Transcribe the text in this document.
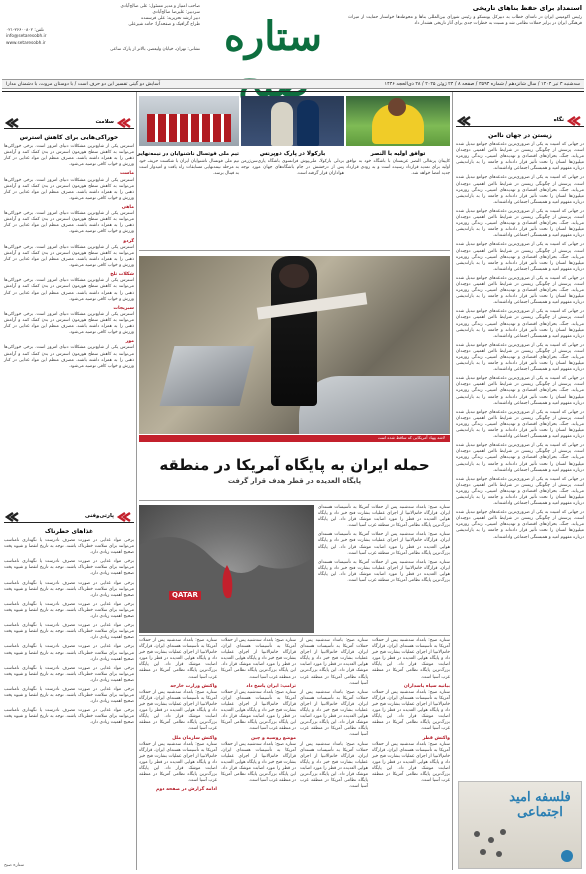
استمداد برای حفظ بناهای تاریخی
رئیس اکومیس ایران در نامه‌ای خطاب به دبیرکل یونسکو و رئیس شورای بین‌المللی بناها و محوطه‌ها خواستار حمایت از میراث فرهنگی ایران در برابر حملات نظامی شد و نسبت به خطرات جدی برای آثار تاریخی هشدار داد
ستاره
صاحب امتیاز و مدیر مسئول: علی صالح‌آبادی
سردبیر: علیرضا صالح‌آبادی
دبیر ارشد تحریریه: علی فرستنده
طراح گرافیک و صفحه‌آرا: حامد شیرعلی
تلفن: ۲۶۶۰۰۸۰۲-۰۲۱
info@setaresobh.ir
www.setaresobh.ir
نشانی: تهران، خیابان ولیعصر، بالاتر از پارک ساعی
سه‌شنبه ۳ تیر ۱۴۰۴ / سال شانزدهم / شماره ۳۵۹۳ / صفحه ۸ / ۲۴ ژوئن ۲۰۲۵ / ۲۸ ذی‌الحجه ۱۴۴۶
آسایش دو گیتی تفسیر این دو حرف است / با دوستان مروت، با دشمنان مدارا
نگاه
زیستن در جهان ناامن
در جهانی که امنیت به یکی از ضروری‌ترین دغدغه‌های جوامع تبدیل شده است، پرسش از چگونگی زیستن در شرایط ناامن اهمیتی دوچندان می‌یابد. جنگ، بحران‌های اقتصادی و تهدیدهای امنیتی، زندگی روزمره میلیون‌ها انسان را تحت تأثیر قرار داده‌اند و جامعه را به بازاندیشی درباره مفهوم امید و همبستگی اجتماعی واداشته‌اند.
در جهانی که امنیت به یکی از ضروری‌ترین دغدغه‌های جوامع تبدیل شده است، پرسش از چگونگی زیستن در شرایط ناامن اهمیتی دوچندان می‌یابد. جنگ، بحران‌های اقتصادی و تهدیدهای امنیتی، زندگی روزمره میلیون‌ها انسان را تحت تأثیر قرار داده‌اند و جامعه را به بازاندیشی درباره مفهوم امید و همبستگی اجتماعی واداشته‌اند.
در جهانی که امنیت به یکی از ضروری‌ترین دغدغه‌های جوامع تبدیل شده است، پرسش از چگونگی زیستن در شرایط ناامن اهمیتی دوچندان می‌یابد. جنگ، بحران‌های اقتصادی و تهدیدهای امنیتی، زندگی روزمره میلیون‌ها انسان را تحت تأثیر قرار داده‌اند و جامعه را به بازاندیشی درباره مفهوم امید و همبستگی اجتماعی واداشته‌اند.
در جهانی که امنیت به یکی از ضروری‌ترین دغدغه‌های جوامع تبدیل شده است، پرسش از چگونگی زیستن در شرایط ناامن اهمیتی دوچندان می‌یابد. جنگ، بحران‌های اقتصادی و تهدیدهای امنیتی، زندگی روزمره میلیون‌ها انسان را تحت تأثیر قرار داده‌اند و جامعه را به بازاندیشی درباره مفهوم امید و همبستگی اجتماعی واداشته‌اند.
در جهانی که امنیت به یکی از ضروری‌ترین دغدغه‌های جوامع تبدیل شده است، پرسش از چگونگی زیستن در شرایط ناامن اهمیتی دوچندان می‌یابد. جنگ، بحران‌های اقتصادی و تهدیدهای امنیتی، زندگی روزمره میلیون‌ها انسان را تحت تأثیر قرار داده‌اند و جامعه را به بازاندیشی درباره مفهوم امید و همبستگی اجتماعی واداشته‌اند.
در جهانی که امنیت به یکی از ضروری‌ترین دغدغه‌های جوامع تبدیل شده است، پرسش از چگونگی زیستن در شرایط ناامن اهمیتی دوچندان می‌یابد. جنگ، بحران‌های اقتصادی و تهدیدهای امنیتی، زندگی روزمره میلیون‌ها انسان را تحت تأثیر قرار داده‌اند و جامعه را به بازاندیشی درباره مفهوم امید و همبستگی اجتماعی واداشته‌اند.
در جهانی که امنیت به یکی از ضروری‌ترین دغدغه‌های جوامع تبدیل شده است، پرسش از چگونگی زیستن در شرایط ناامن اهمیتی دوچندان می‌یابد. جنگ، بحران‌های اقتصادی و تهدیدهای امنیتی، زندگی روزمره میلیون‌ها انسان را تحت تأثیر قرار داده‌اند و جامعه را به بازاندیشی درباره مفهوم امید و همبستگی اجتماعی واداشته‌اند.
در جهانی که امنیت به یکی از ضروری‌ترین دغدغه‌های جوامع تبدیل شده است، پرسش از چگونگی زیستن در شرایط ناامن اهمیتی دوچندان می‌یابد. جنگ، بحران‌های اقتصادی و تهدیدهای امنیتی، زندگی روزمره میلیون‌ها انسان را تحت تأثیر قرار داده‌اند و جامعه را به بازاندیشی درباره مفهوم امید و همبستگی اجتماعی واداشته‌اند.
در جهانی که امنیت به یکی از ضروری‌ترین دغدغه‌های جوامع تبدیل شده است، پرسش از چگونگی زیستن در شرایط ناامن اهمیتی دوچندان می‌یابد. جنگ، بحران‌های اقتصادی و تهدیدهای امنیتی، زندگی روزمره میلیون‌ها انسان را تحت تأثیر قرار داده‌اند و جامعه را به بازاندیشی درباره مفهوم امید و همبستگی اجتماعی واداشته‌اند.
در جهانی که امنیت به یکی از ضروری‌ترین دغدغه‌های جوامع تبدیل شده است، پرسش از چگونگی زیستن در شرایط ناامن اهمیتی دوچندان می‌یابد. جنگ، بحران‌های اقتصادی و تهدیدهای امنیتی، زندگی روزمره میلیون‌ها انسان را تحت تأثیر قرار داده‌اند و جامعه را به بازاندیشی درباره مفهوم امید و همبستگی اجتماعی واداشته‌اند.
در جهانی که امنیت به یکی از ضروری‌ترین دغدغه‌های جوامع تبدیل شده است، پرسش از چگونگی زیستن در شرایط ناامن اهمیتی دوچندان می‌یابد. جنگ، بحران‌های اقتصادی و تهدیدهای امنیتی، زندگی روزمره میلیون‌ها انسان را تحت تأثیر قرار داده‌اند و جامعه را به بازاندیشی درباره مفهوم امید و همبستگی اجتماعی واداشته‌اند.
در جهانی که امنیت به یکی از ضروری‌ترین دغدغه‌های جوامع تبدیل شده است، پرسش از چگونگی زیستن در شرایط ناامن اهمیتی دوچندان می‌یابد. جنگ، بحران‌های اقتصادی و تهدیدهای امنیتی، زندگی روزمره میلیون‌ها انسان را تحت تأثیر قرار داده‌اند و جامعه را به بازاندیشی درباره مفهوم امید و همبستگی اجتماعی واداشته‌اند.
فلسفه امید اجتماعی
توافق اولیه با النصر
کاپیتان پرتغالی النصر عربستان با باشگاه خود به توافق اولیه برای تمدید قرارداد رسیده است و به زودی قرارداد جدید امضا خواهد شد.
بارکولا در پارک دوپرنس
بردلی بارکولا، ملی‌پوش فرانسوی باشگاه پاری‌سن‌ژرمن پس از درخشش در جام باشگاه‌های جهان مورد توجه هواداران قرار گرفته است.
تیم ملی فوتسال ناشنوایان در نیمه‌نهایی
تیم ملی فوتسال ناشنوایان ایران با شکست حریف خود به مرحله نیمه‌نهایی مسابقات راه یافت و امیدوار است به فینال برسد.
لاشه پهپاد آمریکایی که ساقط شده است
حمله ایران به پایگاه آمریکا در منطقه
پایگاه العدیده در قطر هدف قرار گرفت
QATAR
ستاره صبح: بامداد سه‌شنبه پس از حملات آمریکا به تأسیسات هسته‌ای ایران، قرارگاه خاتم‌الانبیا از اجرای عملیات بشارت فتح خبر داد و پایگاه هوایی العدیده در قطر را مورد اصابت موشک قرار داد. این پایگاه بزرگ‌ترین پایگاه نظامی آمریکا در منطقه غرب آسیا است.
ستاره صبح: بامداد سه‌شنبه پس از حملات آمریکا به تأسیسات هسته‌ای ایران، قرارگاه خاتم‌الانبیا از اجرای عملیات بشارت فتح خبر داد و پایگاه هوایی العدیده در قطر را مورد اصابت موشک قرار داد. این پایگاه بزرگ‌ترین پایگاه نظامی آمریکا در منطقه غرب آسیا است.
ستاره صبح: بامداد سه‌شنبه پس از حملات آمریکا به تأسیسات هسته‌ای ایران، قرارگاه خاتم‌الانبیا از اجرای عملیات بشارت فتح خبر داد و پایگاه هوایی العدیده در قطر را مورد اصابت موشک قرار داد. این پایگاه بزرگ‌ترین پایگاه نظامی آمریکا در منطقه غرب آسیا است.
ستاره صبح: بامداد سه‌شنبه پس از حملات آمریکا به تأسیسات هسته‌ای ایران، قرارگاه خاتم‌الانبیا از اجرای عملیات بشارت فتح خبر داد و پایگاه هوایی العدیده در قطر را مورد اصابت موشک قرار داد. این پایگاه بزرگ‌ترین پایگاه نظامی آمریکا در منطقه غرب آسیا است.
بیانیه سپاه پاسداران
ستاره صبح: بامداد سه‌شنبه پس از حملات آمریکا به تأسیسات هسته‌ای ایران، قرارگاه خاتم‌الانبیا از اجرای عملیات بشارت فتح خبر داد و پایگاه هوایی العدیده در قطر را مورد اصابت موشک قرار داد. این پایگاه بزرگ‌ترین پایگاه نظامی آمریکا در منطقه غرب آسیا است.
واکنش قطر
ستاره صبح: بامداد سه‌شنبه پس از حملات آمریکا به تأسیسات هسته‌ای ایران، قرارگاه خاتم‌الانبیا از اجرای عملیات بشارت فتح خبر داد و پایگاه هوایی العدیده در قطر را مورد اصابت موشک قرار داد. این پایگاه بزرگ‌ترین پایگاه نظامی آمریکا در منطقه غرب آسیا است.
ستاره صبح: بامداد سه‌شنبه پس از حملات آمریکا به تأسیسات هسته‌ای ایران، قرارگاه خاتم‌الانبیا از اجرای عملیات بشارت فتح خبر داد و پایگاه هوایی العدیده در قطر را مورد اصابت موشک قرار داد. این پایگاه بزرگ‌ترین پایگاه نظامی آمریکا در منطقه غرب آسیا است.
ستاره صبح: بامداد سه‌شنبه پس از حملات آمریکا به تأسیسات هسته‌ای ایران، قرارگاه خاتم‌الانبیا از اجرای عملیات بشارت فتح خبر داد و پایگاه هوایی العدیده در قطر را مورد اصابت موشک قرار داد. این پایگاه بزرگ‌ترین پایگاه نظامی آمریکا در منطقه غرب آسیا است.
ستاره صبح: بامداد سه‌شنبه پس از حملات آمریکا به تأسیسات هسته‌ای ایران، قرارگاه خاتم‌الانبیا از اجرای عملیات بشارت فتح خبر داد و پایگاه هوایی العدیده در قطر را مورد اصابت موشک قرار داد. این پایگاه بزرگ‌ترین پایگاه نظامی آمریکا در منطقه غرب آسیا است.
ستاره صبح: بامداد سه‌شنبه پس از حملات آمریکا به تأسیسات هسته‌ای ایران، قرارگاه خاتم‌الانبیا از اجرای عملیات بشارت فتح خبر داد و پایگاه هوایی العدیده در قطر را مورد اصابت موشک قرار داد. این پایگاه بزرگ‌ترین پایگاه نظامی آمریکا در منطقه غرب آسیا است.
ترامپ: ایران پاسخ داد
ستاره صبح: بامداد سه‌شنبه پس از حملات آمریکا به تأسیسات هسته‌ای ایران، قرارگاه خاتم‌الانبیا از اجرای عملیات بشارت فتح خبر داد و پایگاه هوایی العدیده در قطر را مورد اصابت موشک قرار داد. این پایگاه بزرگ‌ترین پایگاه نظامی آمریکا در منطقه غرب آسیا است.
موضع روسیه و چین
ستاره صبح: بامداد سه‌شنبه پس از حملات آمریکا به تأسیسات هسته‌ای ایران، قرارگاه خاتم‌الانبیا از اجرای عملیات بشارت فتح خبر داد و پایگاه هوایی العدیده در قطر را مورد اصابت موشک قرار داد. این پایگاه بزرگ‌ترین پایگاه نظامی آمریکا در منطقه غرب آسیا است.
ستاره صبح: بامداد سه‌شنبه پس از حملات آمریکا به تأسیسات هسته‌ای ایران، قرارگاه خاتم‌الانبیا از اجرای عملیات بشارت فتح خبر داد و پایگاه هوایی العدیده در قطر را مورد اصابت موشک قرار داد. این پایگاه بزرگ‌ترین پایگاه نظامی آمریکا در منطقه غرب آسیا است.
واکنش وزارت خارجه
ستاره صبح: بامداد سه‌شنبه پس از حملات آمریکا به تأسیسات هسته‌ای ایران، قرارگاه خاتم‌الانبیا از اجرای عملیات بشارت فتح خبر داد و پایگاه هوایی العدیده در قطر را مورد اصابت موشک قرار داد. این پایگاه بزرگ‌ترین پایگاه نظامی آمریکا در منطقه غرب آسیا است.
واکنش سازمان ملل
ستاره صبح: بامداد سه‌شنبه پس از حملات آمریکا به تأسیسات هسته‌ای ایران، قرارگاه خاتم‌الانبیا از اجرای عملیات بشارت فتح خبر داد و پایگاه هوایی العدیده در قطر را مورد اصابت موشک قرار داد. این پایگاه بزرگ‌ترین پایگاه نظامی آمریکا در منطقه غرب آسیا است.
ادامه گزارش در صفحه دوم
سلامت
خوراکی‌هایی برای کاهش استرس
استرس یکی از شایع‌ترین مشکلات دنیای امروز است. برخی خوراکی‌ها می‌توانند به کاهش سطح هورمون استرس در بدن کمک کنند و آرامش ذهنی را به همراه داشته باشند. مصرف منظم این مواد غذایی در کنار ورزش و خواب کافی توصیه می‌شود.
ماست
استرس یکی از شایع‌ترین مشکلات دنیای امروز است. برخی خوراکی‌ها می‌توانند به کاهش سطح هورمون استرس در بدن کمک کنند و آرامش ذهنی را به همراه داشته باشند. مصرف منظم این مواد غذایی در کنار ورزش و خواب کافی توصیه می‌شود.
ماهی
استرس یکی از شایع‌ترین مشکلات دنیای امروز است. برخی خوراکی‌ها می‌توانند به کاهش سطح هورمون استرس در بدن کمک کنند و آرامش ذهنی را به همراه داشته باشند. مصرف منظم این مواد غذایی در کنار ورزش و خواب کافی توصیه می‌شود.
گردو
استرس یکی از شایع‌ترین مشکلات دنیای امروز است. برخی خوراکی‌ها می‌توانند به کاهش سطح هورمون استرس در بدن کمک کنند و آرامش ذهنی را به همراه داشته باشند. مصرف منظم این مواد غذایی در کنار ورزش و خواب کافی توصیه می‌شود.
شکلات تلخ
استرس یکی از شایع‌ترین مشکلات دنیای امروز است. برخی خوراکی‌ها می‌توانند به کاهش سطح هورمون استرس در بدن کمک کنند و آرامش ذهنی را به همراه داشته باشند. مصرف منظم این مواد غذایی در کنار ورزش و خواب کافی توصیه می‌شود.
سبزیجات
استرس یکی از شایع‌ترین مشکلات دنیای امروز است. برخی خوراکی‌ها می‌توانند به کاهش سطح هورمون استرس در بدن کمک کنند و آرامش ذهنی را به همراه داشته باشند. مصرف منظم این مواد غذایی در کنار ورزش و خواب کافی توصیه می‌شود.
موز
استرس یکی از شایع‌ترین مشکلات دنیای امروز است. برخی خوراکی‌ها می‌توانند به کاهش سطح هورمون استرس در بدن کمک کنند و آرامش ذهنی را به همراه داشته باشند. مصرف منظم این مواد غذایی در کنار ورزش و خواب کافی توصیه می‌شود.
پارتی‌وفنی
غذاهای خطرناک
برخی مواد غذایی در صورت مصرف نادرست یا نگهداری نامناسب می‌توانند برای سلامت خطرناک باشند. توجه به تاریخ انقضا و شیوه پخت صحیح اهمیت زیادی دارد.
برخی مواد غذایی در صورت مصرف نادرست یا نگهداری نامناسب می‌توانند برای سلامت خطرناک باشند. توجه به تاریخ انقضا و شیوه پخت صحیح اهمیت زیادی دارد.
برخی مواد غذایی در صورت مصرف نادرست یا نگهداری نامناسب می‌توانند برای سلامت خطرناک باشند. توجه به تاریخ انقضا و شیوه پخت صحیح اهمیت زیادی دارد.
برخی مواد غذایی در صورت مصرف نادرست یا نگهداری نامناسب می‌توانند برای سلامت خطرناک باشند. توجه به تاریخ انقضا و شیوه پخت صحیح اهمیت زیادی دارد.
برخی مواد غذایی در صورت مصرف نادرست یا نگهداری نامناسب می‌توانند برای سلامت خطرناک باشند. توجه به تاریخ انقضا و شیوه پخت صحیح اهمیت زیادی دارد.
برخی مواد غذایی در صورت مصرف نادرست یا نگهداری نامناسب می‌توانند برای سلامت خطرناک باشند. توجه به تاریخ انقضا و شیوه پخت صحیح اهمیت زیادی دارد.
برخی مواد غذایی در صورت مصرف نادرست یا نگهداری نامناسب می‌توانند برای سلامت خطرناک باشند. توجه به تاریخ انقضا و شیوه پخت صحیح اهمیت زیادی دارد.
برخی مواد غذایی در صورت مصرف نادرست یا نگهداری نامناسب می‌توانند برای سلامت خطرناک باشند. توجه به تاریخ انقضا و شیوه پخت صحیح اهمیت زیادی دارد.
برخی مواد غذایی در صورت مصرف نادرست یا نگهداری نامناسب می‌توانند برای سلامت خطرناک باشند. توجه به تاریخ انقضا و شیوه پخت صحیح اهمیت زیادی دارد.
ستاره صبح
